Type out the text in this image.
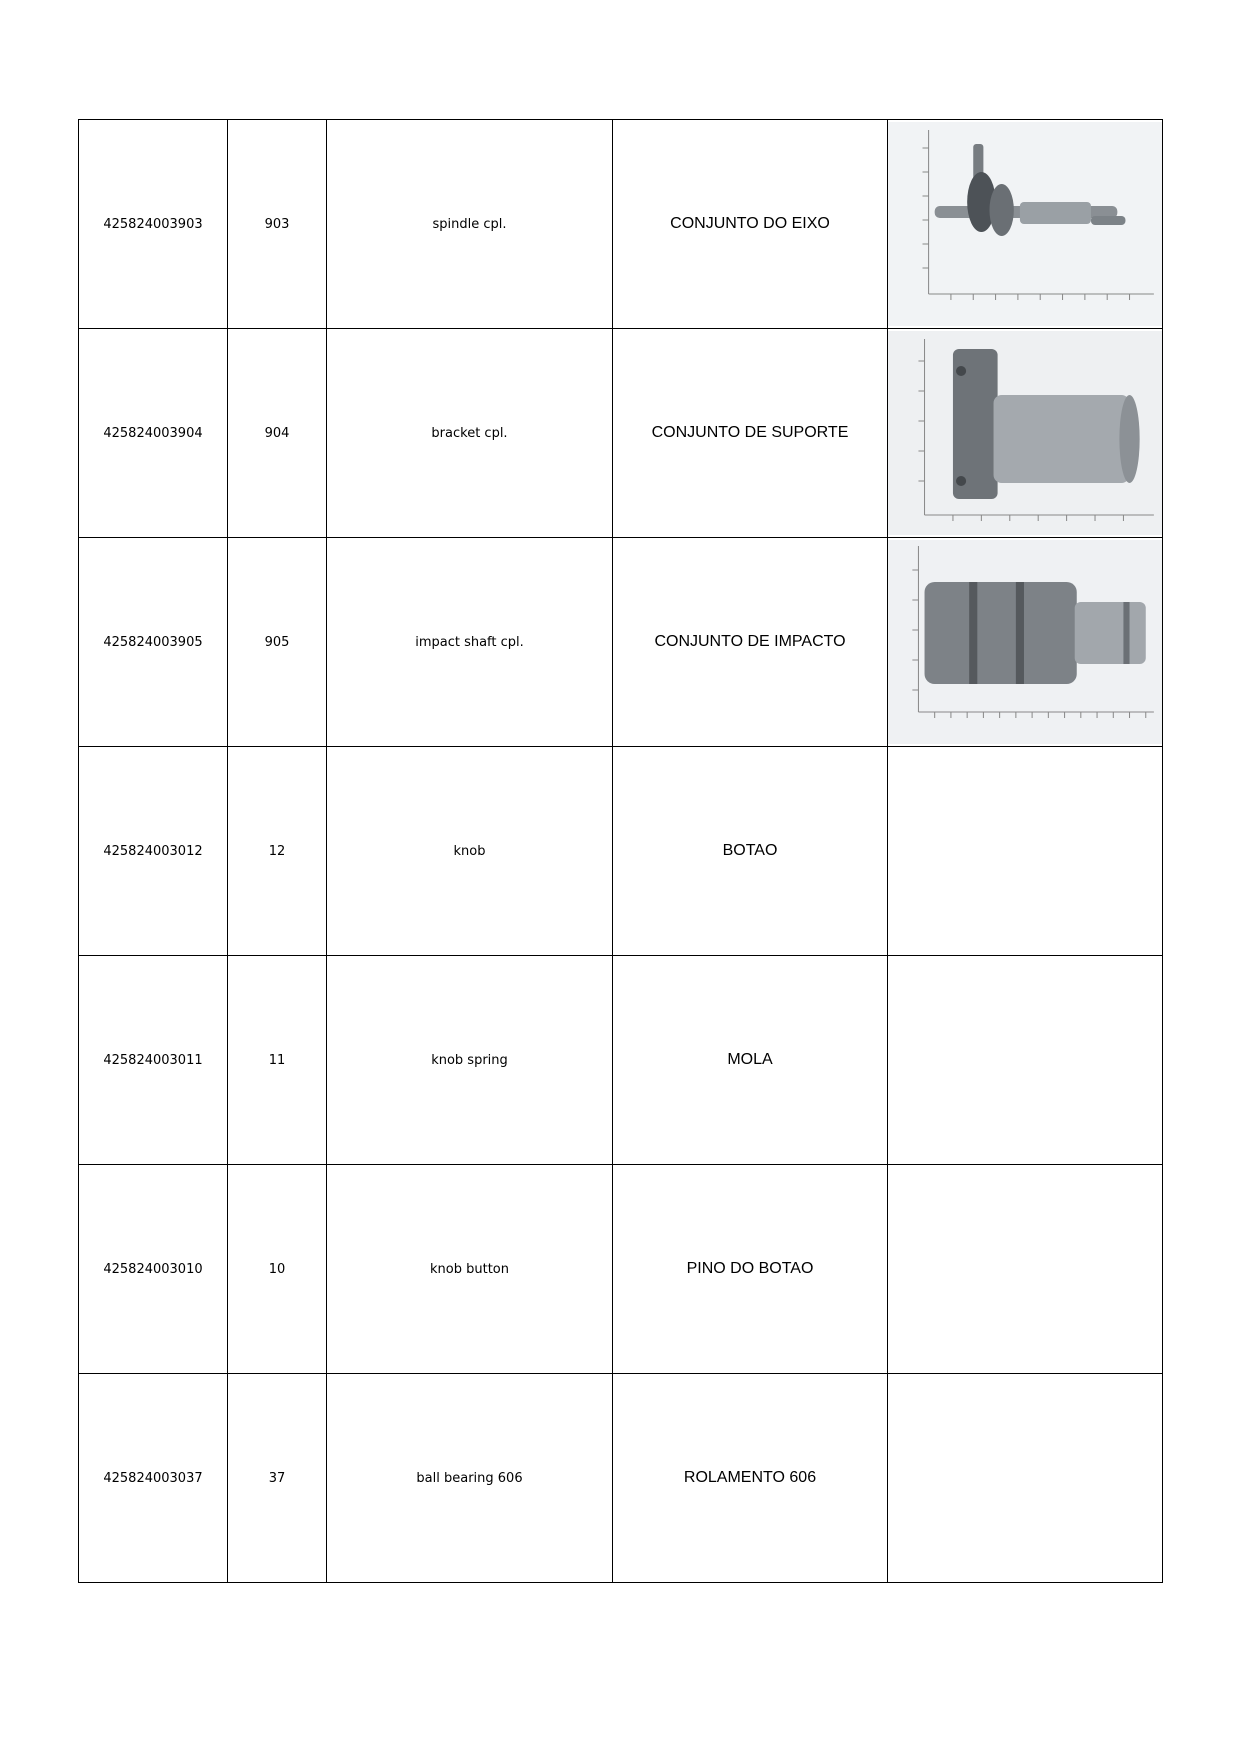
425824003903	903	spindle cpl.	CONJUNTO DO EIXO	

425824003904	904	bracket cpl.	CONJUNTO DE SUPORTE	

425824003905	905	impact shaft cpl.	CONJUNTO DE IMPACTO	

425824003012	12	knob	BOTAO	
425824003011	11	knob spring	MOLA	
425824003010	10	knob button	PINO DO BOTAO	
425824003037	37	ball bearing 606	ROLAMENTO 606	
